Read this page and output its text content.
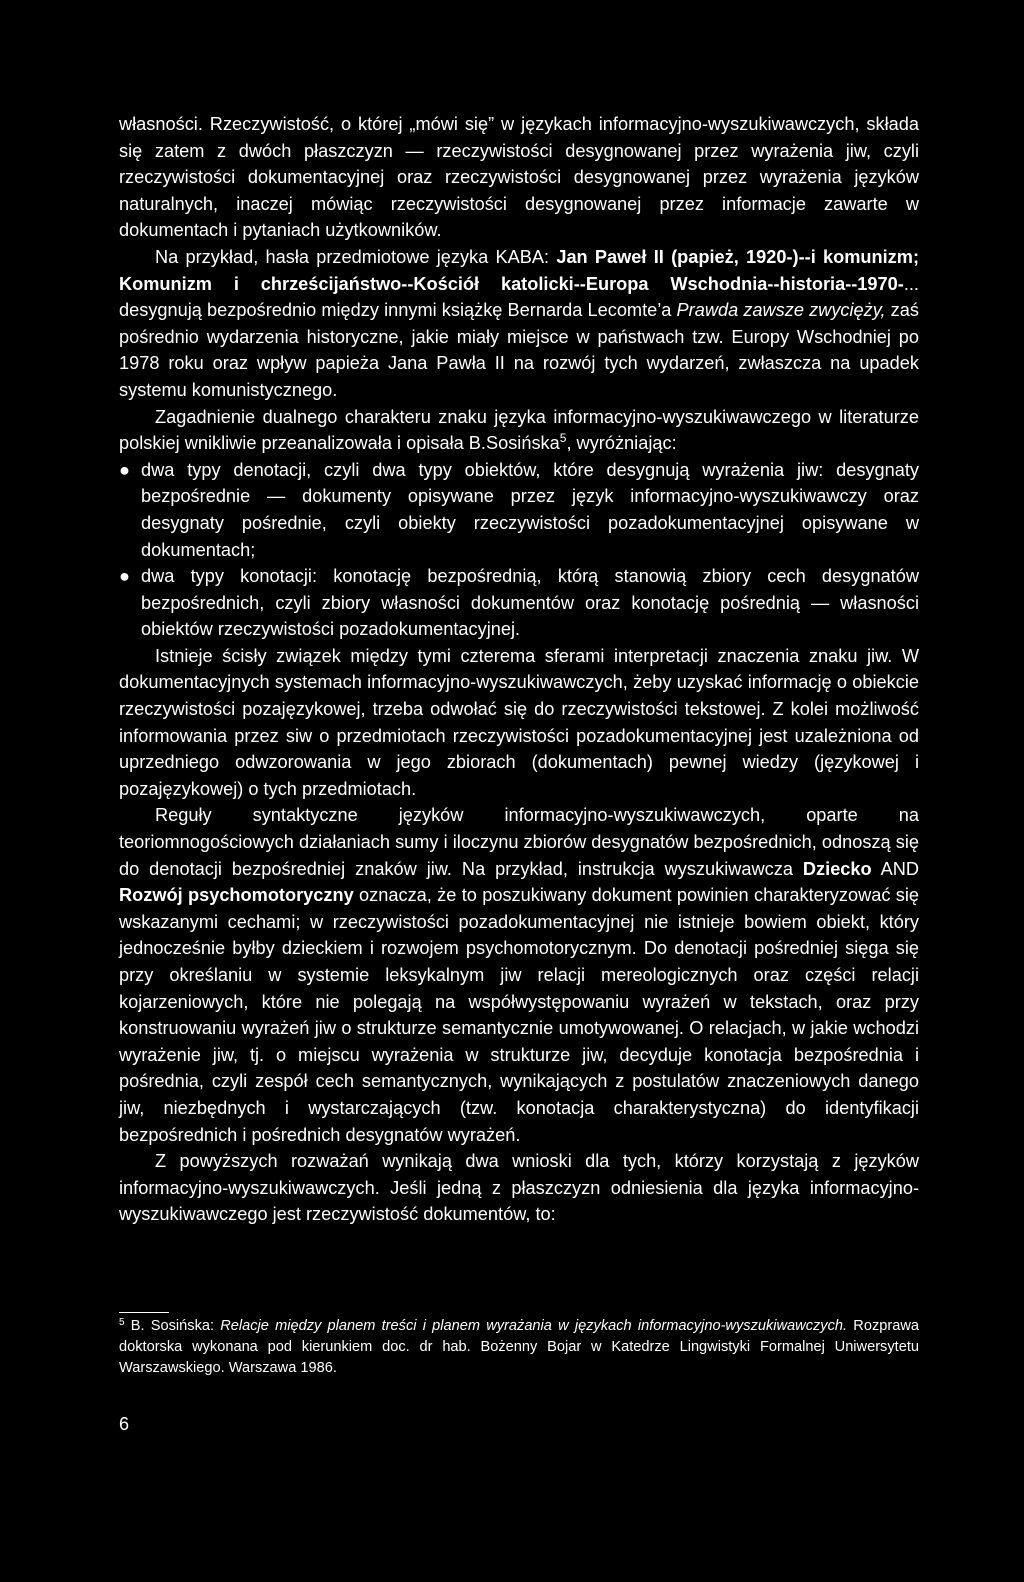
własności. Rzeczywistość, o której „mówi się” w językach informacyjno-wyszukiwawczych, składa się zatem z dwóch płaszczyzn — rzeczywistości desygnowanej przez wyrażenia jiw, czyli rzeczywistości dokumentacyjnej oraz rzeczywistości desygnowanej przez wyrażenia języków naturalnych, inaczej mówiąc rzeczywistości desygnowanej przez informacje zawarte w dokumentach i pytaniach użytkowników.

Na przykład, hasła przedmiotowe języka KABA: Jan Paweł II (papież, 1920-)--i komunizm; Komunizm i chrześcijaństwo--Kościół katolicki--Europa Wschodnia--historia--1970-... desygnują bezpośrednio między innymi książkę Bernarda Lecomte’a Prawda zawsze zwycięży, zaś pośrednio wydarzenia historyczne, jakie miały miejsce w państwach tzw. Europy Wschodniej po 1978 roku oraz wpływ papieża Jana Pawła II na rozwój tych wydarzeń, zwłaszcza na upadek systemu komunistycznego.

Zagadnienie dualnego charakteru znaku języka informacyjno-wyszukiwawczego w literaturze polskiej wnikliwie przeanalizowała i opisała B.Sosińska$^5$, wyróżniając:

● dwa typy denotacji, czyli dwa typy obiektów, które desygnują wyrażenia jiw: desygnaty bezpośrednie — dokumenty opisywane przez język informacyjno-wyszukiwawczy oraz desygnaty pośrednie, czyli obiekty rzeczywistości pozadokumentacyjnej opisywane w dokumentach;
● dwa typy konotacji: konotację bezpośrednią, którą stanowią zbiory cech desygnatów bezpośrednich, czyli zbiory własności dokumentów oraz konotację pośrednią — własności obiektów rzeczywistości pozadokumentacyjnej.

Istnieje ścisły związek między tymi czterema sferami interpretacji znaczenia znaku jiw. W dokumentacyjnych systemach informacyjno-wyszukiwawczych, żeby uzyskać informację o obiekcie rzeczywistości pozajęzykowej, trzeba odwołać się do rzeczywistości tekstowej. Z kolei możliwość informowania przez siw o przedmiotach rzeczywistości pozadokumentacyjnej jest uzależniona od uprzedniego odwzorowania w jego zbiorach (dokumentach) pewnej wiedzy (językowej i pozajęzykowej) o tych przedmiotach.

Reguły syntaktyczne języków informacyjno-wyszukiwawczych, oparte na teoriomnogościowych działaniach sumy i iloczynu zbiorów desygnatów bezpośrednich, odnoszą się do denotacji bezpośredniej znaków jiw. Na przykład, instrukcja wyszukiwawcza Dziecko AND Rozwój psychomotoryczny oznacza, że to poszukiwany dokument powinien charakteryzować się wskazanymi cechami; w rzeczywistości pozadokumentacyjnej nie istnieje bowiem obiekt, który jednocześnie byłby dzieckiem i rozwojem psychomotorycznym. Do denotacji pośredniej sięga się przy określaniu w systemie leksykalnym jiw relacji mereologicznych oraz części relacji kojarzeniowych, które nie polegają na współwystępowaniu wyrażeń w tekstach, oraz przy konstruowaniu wyrażeń jiw o strukturze semantycznie umotywowanej. O relacjach, w jakie wchodzi wyrażenie jiw, tj. o miejscu wyrażenia w strukturze jiw, decyduje konotacja bezpośrednia i pośrednia, czyli zespół cech semantycznych, wynikających z postulatów znaczeniowych danego jiw, niezbędnych i wystarczających (tzw. konotacja charakterystyczna) do identyfikacji bezpośrednich i pośrednich desygnatów wyrażeń.

Z powyższych rozważań wynikają dwa wnioski dla tych, którzy korzystają z języków informacyjno-wyszukiwawczych. Jeśli jedną z płaszczyzn odniesienia dla języka informacyjno-wyszukiwawczego jest rzeczywistość dokumentów, to:

$^5$ B. Sosińska: Relacje między planem treści i planem wyrażania w językach informacyjno-wyszukiwawczych. Rozprawa doktorska wykonana pod kierunkiem doc. dr hab. Bożenny Bojar w Katedrze Lingwistyki Formalnej Uniwersytetu Warszawskiego. Warszawa 1986.

6
